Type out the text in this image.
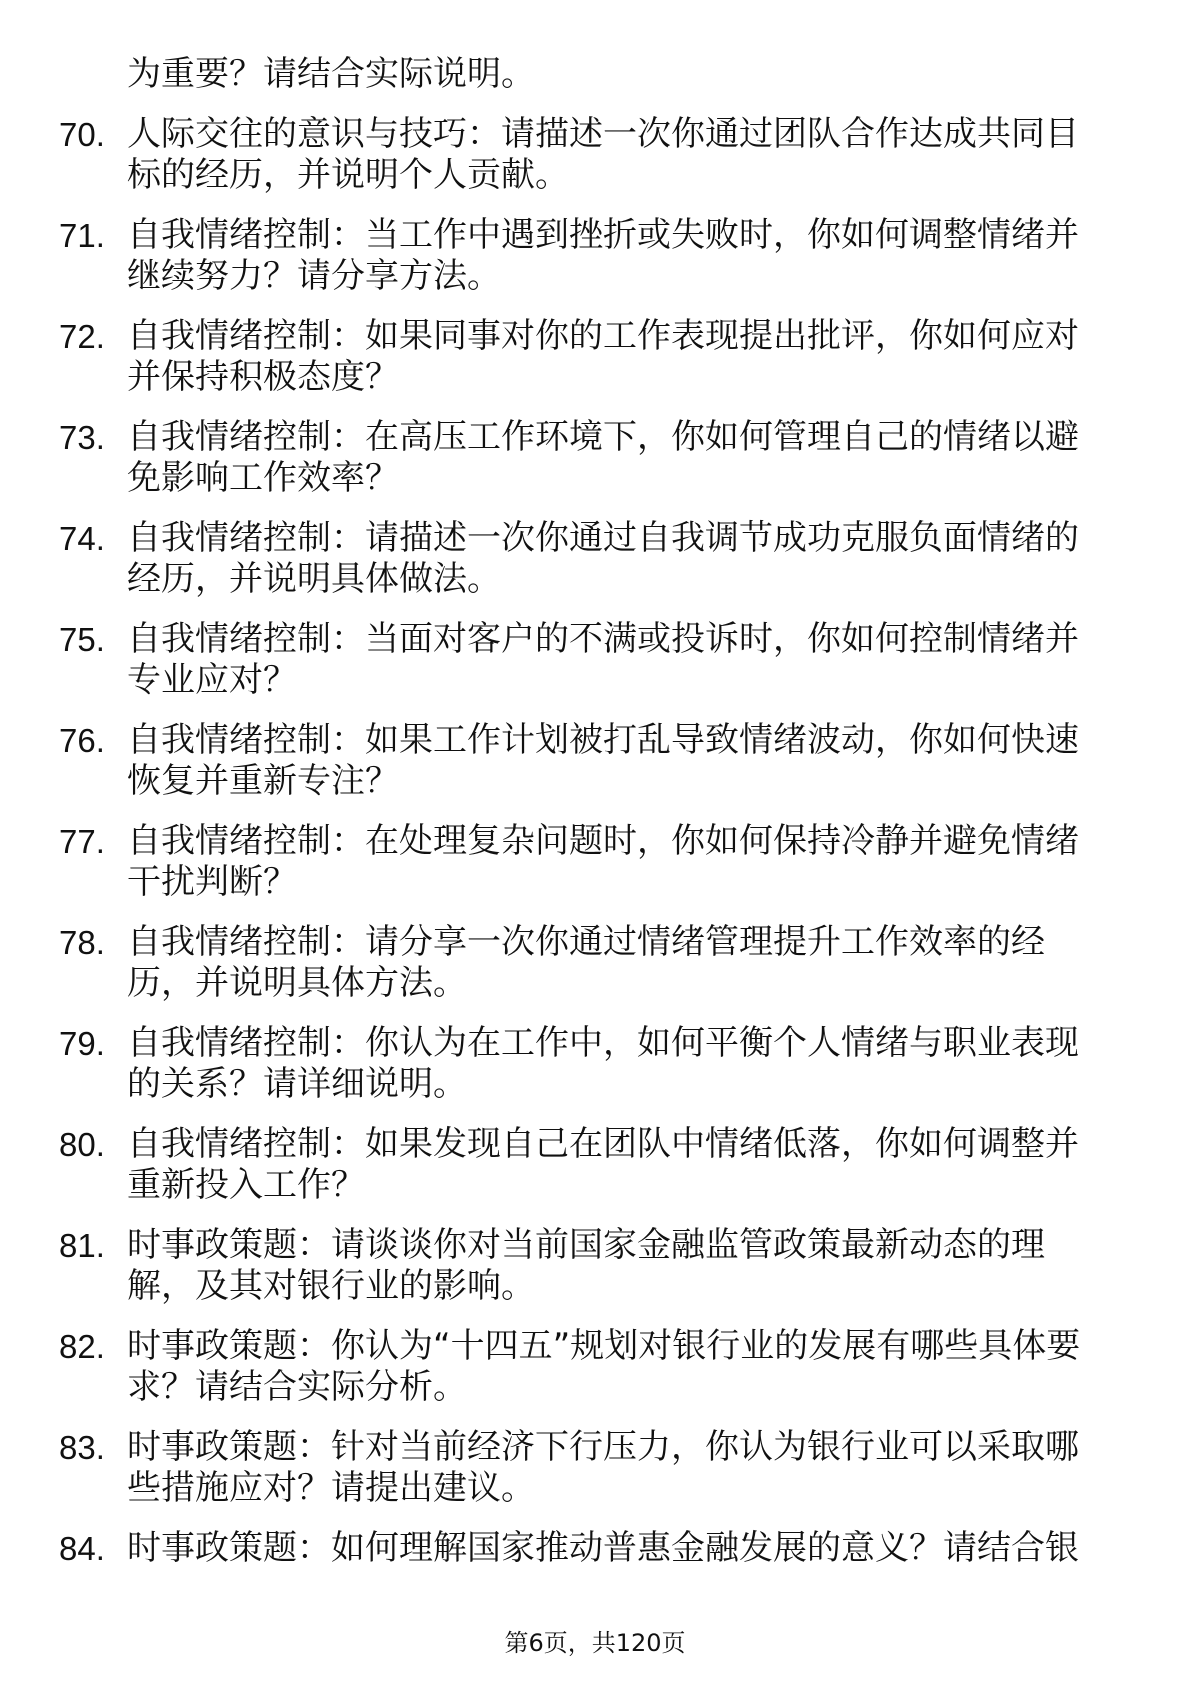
为重要？请结合实际说明。
70. 人际交往的意识与技巧：请描述一次你通过团队合作达成共同目
标的经历，并说明个人贡献。
71. 自我情绪控制：当工作中遇到挫折或失败时，你如何调整情绪并
继续努力？请分享方法。
72. 自我情绪控制：如果同事对你的工作表现提出批评，你如何应对
并保持积极态度？
73. 自我情绪控制：在高压工作环境下，你如何管理自己的情绪以避
免影响工作效率？
74. 自我情绪控制：请描述一次你通过自我调节成功克服负面情绪的
经历，并说明具体做法。
75. 自我情绪控制：当面对客户的不满或投诉时，你如何控制情绪并
专业应对？
76. 自我情绪控制：如果工作计划被打乱导致情绪波动，你如何快速
恢复并重新专注？
77. 自我情绪控制：在处理复杂问题时，你如何保持冷静并避免情绪
干扰判断？
78. 自我情绪控制：请分享一次你通过情绪管理提升工作效率的经
历，并说明具体方法。
79. 自我情绪控制：你认为在工作中，如何平衡个人情绪与职业表现
的关系？请详细说明。
80. 自我情绪控制：如果发现自己在团队中情绪低落，你如何调整并
重新投入工作？
81. 时事政策题：请谈谈你对当前国家金融监管政策最新动态的理
解，及其对银行业的影响。
82. 时事政策题：你认为“十四五”规划对银行业的发展有哪些具体要
求？请结合实际分析。
83. 时事政策题：针对当前经济下行压力，你认为银行业可以采取哪
些措施应对？请提出建议。
84. 时事政策题：如何理解国家推动普惠金融发展的意义？请结合银
第6页，共120页
